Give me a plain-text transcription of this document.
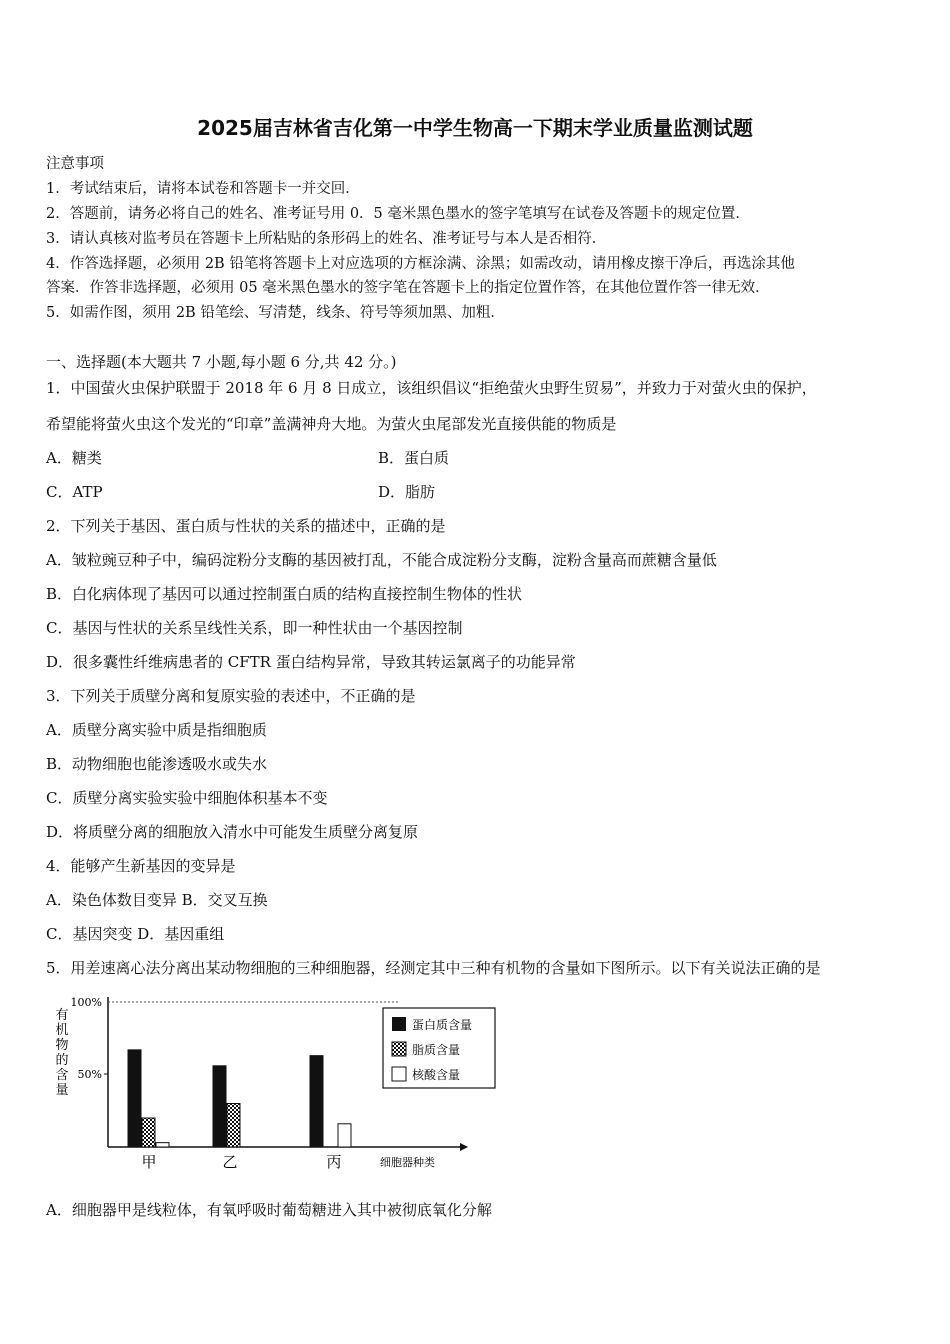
2025届吉林省吉化第一中学生物高一下期末学业质量监测试题
注意事项
1．考试结束后，请将本试卷和答题卡一并交回．
2．答题前，请务必将自己的姓名、准考证号用 0．5 毫米黑色墨水的签字笔填写在试卷及答题卡的规定位置．
3．请认真核对监考员在答题卡上所粘贴的条形码上的姓名、准考证号与本人是否相符．
4．作答选择题，必须用 2B 铅笔将答题卡上对应选项的方框涂满、涂黑；如需改动，请用橡皮擦干净后，再选涂其他
答案．作答非选择题，必须用 05 毫米黑色墨水的签字笔在答题卡上的指定位置作答，在其他位置作答一律无效．
5．如需作图，须用 2B 铅笔绘、写清楚，线条、符号等须加黑、加粗．
一、选择题(本大题共 7 小题,每小题 6 分,共 42 分。)
1．中国萤火虫保护联盟于 2018 年 6 月 8 日成立，该组织倡议“拒绝萤火虫野生贸易”，并致力于对萤火虫的保护，
希望能将萤火虫这个发光的“印章”盖满神舟大地。为萤火虫尾部发光直接供能的物质是
A．糖类	B．蛋白质
C．ATP	D．脂肪
2．下列关于基因、蛋白质与性状的关系的描述中，正确的是
A．皱粒豌豆种子中，编码淀粉分支酶的基因被打乱，不能合成淀粉分支酶，淀粉含量高而蔗糖含量低
B．白化病体现了基因可以通过控制蛋白质的结构直接控制生物体的性状
C．基因与性状的关系呈线性关系，即一种性状由一个基因控制
D．很多囊性纤维病患者的 CFTR 蛋白结构异常，导致其转运氯离子的功能异常
3．下列关于质壁分离和复原实验的表述中，不正确的是
A．质壁分离实验中质是指细胞质
B．动物细胞也能渗透吸水或失水
C．质壁分离实验实验中细胞体积基本不变
D．将质壁分离的细胞放入清水中可能发生质壁分离复原
4．能够产生新基因的变异是
A．染色体数目变异 B．交叉互换
C．基因突变 D．基因重组
5．用差速离心法分离出某动物细胞的三种细胞器，经测定其中三种有机物的含量如下图所示。以下有关说法正确的是
100%
50%
有机物的含量
甲	乙	丙	细胞器种类
蛋白质含量
脂质含量
核酸含量
A．细胞器甲是线粒体，有氧呼吸时葡萄糖进入其中被彻底氧化分解
